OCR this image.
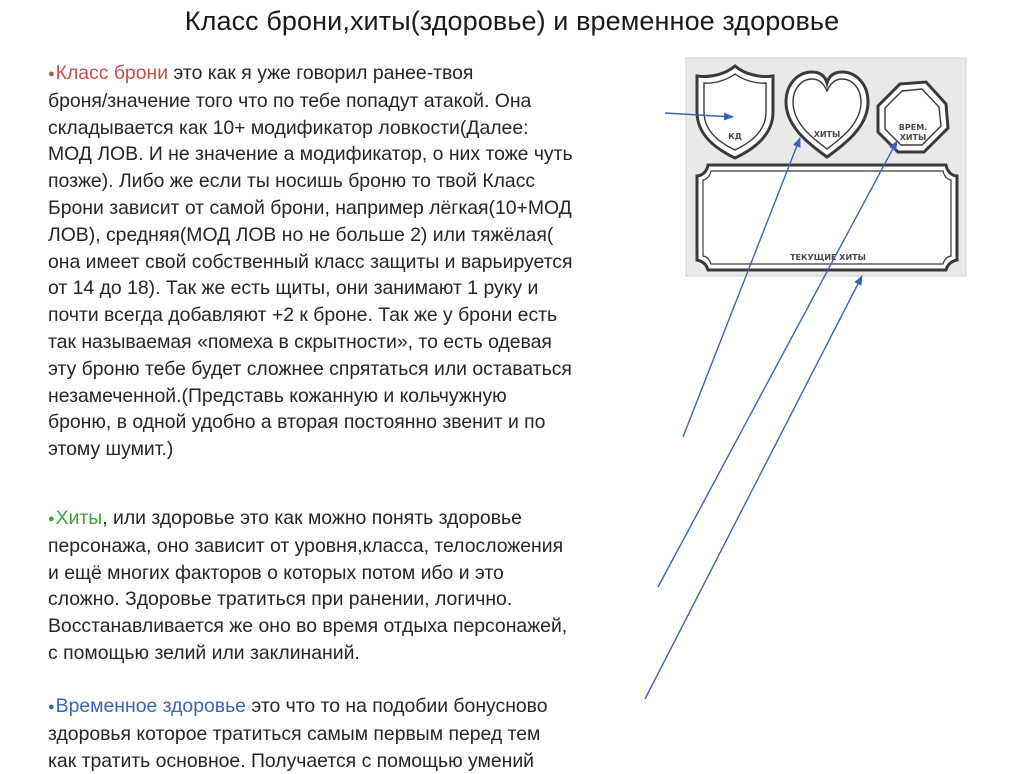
Класс брони,хиты(здоровье) и временное здоровье

●Класс брони это как я уже говорил ранее-твоя
броня/значение того что по тебе попадут атакой. Она
складывается как 10+ модификатор ловкости(Далее:
МОД ЛОВ. И не значение а модификатор, о них тоже чуть
позже). Либо же если ты носишь броню то твой Класс
Брони зависит от самой брони, например лёгкая(10+МОД
ЛОВ), средняя(МОД ЛОВ но не больше 2) или тяжёлая(
она имеет свой собственный класс защиты и варьируется
от 14 до 18). Так же есть щиты, они занимают 1 руку и
почти всегда добавляют +2 к броне. Так же у брони есть
так называемая «помеха в скрытности», то есть одевая
эту броню тебе будет сложнее спрятаться или оставаться
незамеченной.(Представь кожанную и кольчужную
броню, в одной удобно а вторая постоянно звенит и по
этому шумит.)

●Хиты, или здоровье это как можно понять здоровье
персонажа, оно зависит от уровня,класса, телосложения
и ещё многих факторов о которых потом ибо и это
сложно. Здоровье тратиться при ранении, логично.
Восстанавливается же оно во время отдыха персонажей,
с помощью зелий или заклинаний.

●Временное здоровье это что то на подобии бонусново
здоровья которое тратиться самым первым перед тем
как тратить основное. Получается с помощью умений

КД	ХИТЫ
ВРЕМ.
ХИТЫ
ТЕКУЩИЕ ХИТЫ
